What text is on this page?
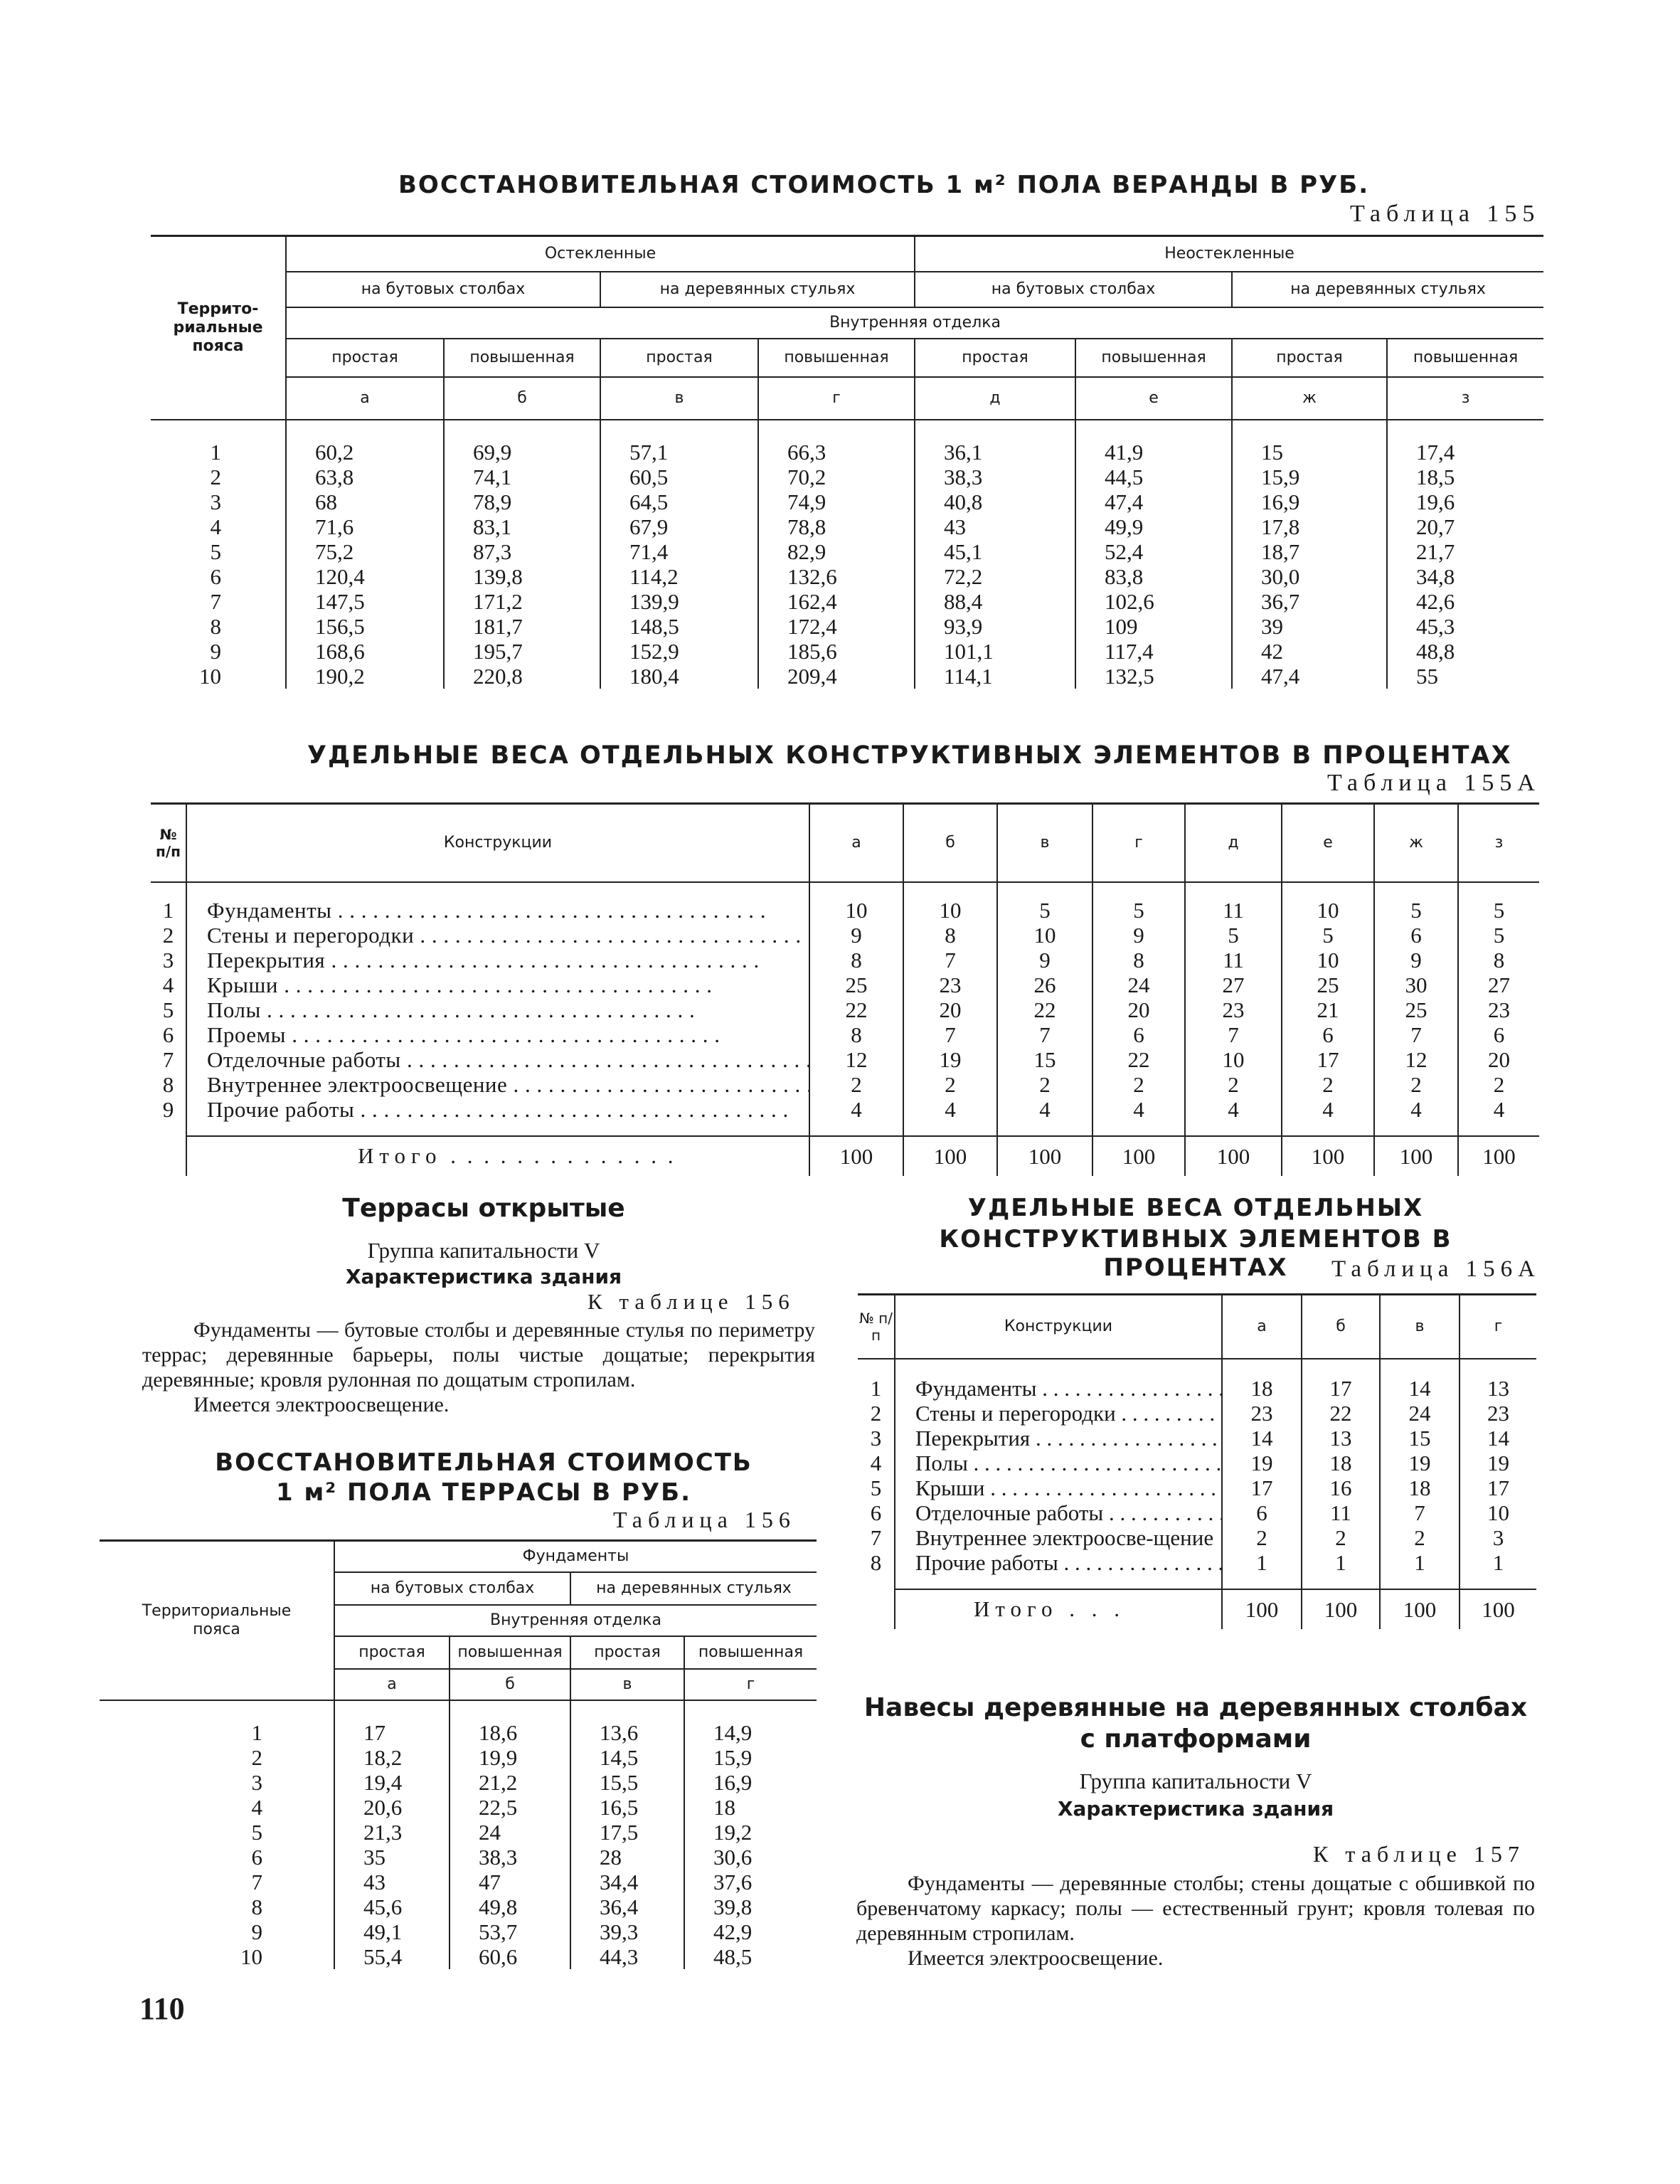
ВОССТАНОВИТЕЛЬНАЯ СТОИМОСТЬ 1 м² ПОЛА ВЕРАНДЫ В РУБ.
Таблица 155
Террито-риальные пояса	Остекленные				Неостекленные			
	на бутовых столбах		на деревянных стульях		на бутовых столбах		на деревянных стульях	
	Внутренняя отделка							
	простая	повышенная	простая	повышенная	простая	повышенная	простая	повышенная
	а	б	в	г	д	е	ж	з

1	60,2	69,9	57,1	66,3	36,1	41,9	15	17,4
2	63,8	74,1	60,5	70,2	38,3	44,5	15,9	18,5
3	68	78,9	64,5	74,9	40,8	47,4	16,9	19,6
4	71,6	83,1	67,9	78,8	43	49,9	17,8	20,7
5	75,2	87,3	71,4	82,9	45,1	52,4	18,7	21,7
6	120,4	139,8	114,2	132,6	72,2	83,8	30,0	34,8
7	147,5	171,2	139,9	162,4	88,4	102,6	36,7	42,6
8	156,5	181,7	148,5	172,4	93,9	109	39	45,3
9	168,6	195,7	152,9	185,6	101,1	117,4	42	48,8
10	190,2	220,8	180,4	209,4	114,1	132,5	47,4	55
УДЕЛЬНЫЕ ВЕСА ОТДЕЛЬНЫХ КОНСТРУКТИВНЫХ ЭЛЕМЕНТОВ В ПРОЦЕНТАХ
Таблица 155А
№ п/п	Конструкции	а	б	в	г	д	е	ж	з

1	Фундаменты . . .	10	10	5	5	11	10	5	5
2	Стены и перегородки . . .	9	8	10	9	5	5	6	5
3	Перекрытия . . .	8	7	9	8	11	10	9	8
4	Крыши . . .	25	23	26	24	27	25	30	27
5	Полы . . .	22	20	22	20	23	21	25	23
6	Проемы . . .	8	7	7	6	7	6	7	6
7	Отделочные работы . . .	12	19	15	22	10	17	12	20
8	Внутреннее электроосвещение . . .	2	2	2	2	2	2	2	2
9	Прочие работы . . .	4	4	4	4	4	4	4	4

	Итого . . . . . . . . . . . . . .	100	100	100	100	100	100	100	100
Террасы открытые
Группа капитальности V
Характеристика здания
К таблице 156

Фундаменты — бутовые столбы и деревянные стулья по периметру террас; деревянные барьеры, полы чистые дощатые; перекрытия деревянные; кровля рулонная по дощатым стропилам.

Имеется электроосвещение.

ВОССТАНОВИТЕЛЬНАЯ СТОИМОСТЬ
1 м² ПОЛА ТЕРРАСЫ В РУБ.
Таблица 156
Территориальные пояса	Фундаменты			
	на бутовых столбах		на деревянных стульях	
	Внутренняя отделка			
	простая	повышенная	простая	повышенная
	а	б	в	г

1	17	18,6	13,6	14,9
2	18,2	19,9	14,5	15,9
3	19,4	21,2	15,5	16,9
4	20,6	22,5	16,5	18
5	21,3	24	17,5	19,2
6	35	38,3	28	30,6
7	43	47	34,4	37,6
8	45,6	49,8	36,4	39,8
9	49,1	53,7	39,3	42,9
10	55,4	60,6	44,3	48,5
110
УДЕЛЬНЫЕ ВЕСА ОТДЕЛЬНЫХ
КОНСТРУКТИВНЫХ ЭЛЕМЕНТОВ В ПРОЦЕНТАХ	Таблица 156А
№ п/п	Конструкции	а	б	в	г

1	Фундаменты . . .	18	17	14	13
2	Стены и перегородки . . .	23	22	24	23
3	Перекрытия . . .	14	13	15	14
4	Полы . . .	19	18	19	19
5	Крыши . . .	17	16	18	17
6	Отделочные работы . . .	6	11	7	10
7	Внутреннее электроосве-щение	2	2	2	3
8	Прочие работы . . .	1	1	1	1

	Итого . . .	100	100	100	100
Навесы деревянные на деревянных столбах
с платформами
Группа капитальности V
Характеристика здания
К таблице 157

Фундаменты — деревянные столбы; стены дощатые с обшивкой по бревенчатому каркасу; полы — естественный грунт; кровля толевая по деревянным стропилам.

Имеется электроосвещение.
